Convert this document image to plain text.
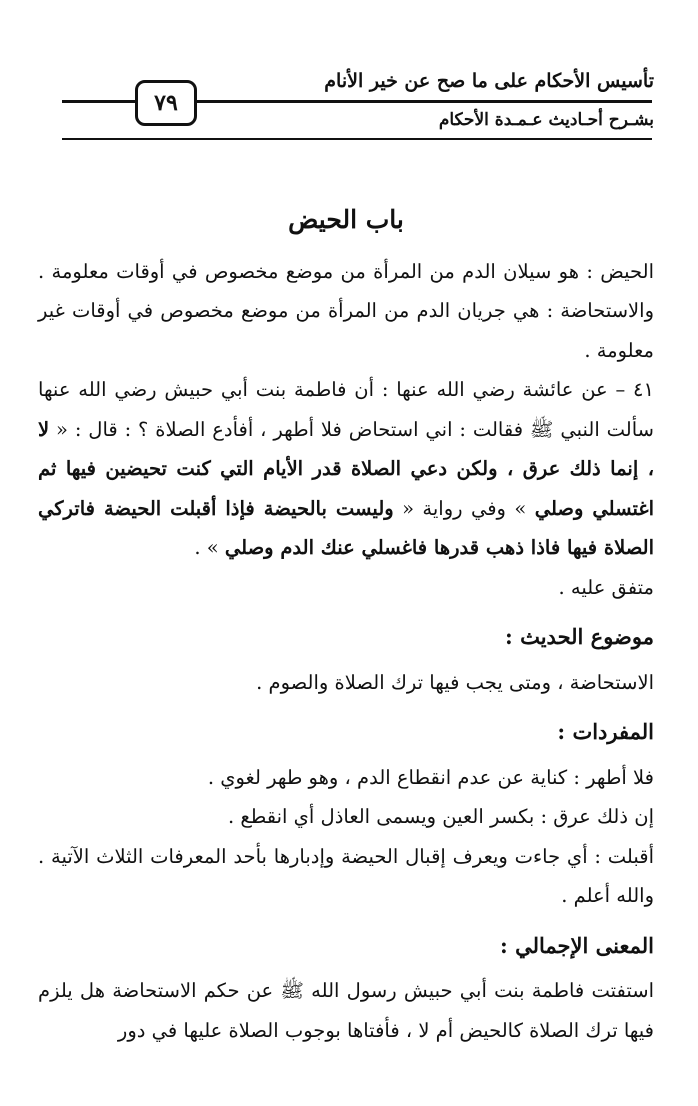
تأسيس الأحكام على ما صح عن خير الأنام
٧٩
بشـرح أحـاديث عـمـدة الأحكام
باب الحيض

الحيض : هو سيلان الدم من المرأة من موضع مخصوص في أوقات معلومة . والاستحاضة : هي جريان الدم من المرأة من موضع مخصوص في أوقات غير معلومة .

٤١ – عن عائشة رضي الله عنها : أن فاطمة بنت أبي حبيش رضي الله عنها سألت النبي ﷺ فقالت : اني استحاض فلا أطهر ، أفأدع الصلاة ؟ : قال : « لا ، إنما ذلك عرق ، ولكن دعي الصلاة قدر الأيام التي كنت تحيضين فيها ثم اغتسلي وصلي » وفي رواية « وليست بالحيضة فإذا أقبلت الحيضة فاتركي الصلاة فيها فاذا ذهب قدرها فاغسلي عنك الدم وصلي » .

متفق عليه .

موضوع الحديث :

الاستحاضة ، ومتى يجب فيها ترك الصلاة والصوم .

المفردات :

فلا أطهر : كناية عن عدم انقطاع الدم ، وهو طهر لغوي .

إن ذلك عرق : بكسر العين ويسمى العاذل أي انقطع .

أقبلت : أي جاءت ويعرف إقبال الحيضة وإدبارها بأحد المعرفات الثلاث الآتية . والله أعلم .

المعنى الإجمالي :

استفتت فاطمة بنت أبي حبيش رسول الله ﷺ عن حكم الاستحاضة هل يلزم فيها ترك الصلاة كالحيض أم لا ، فأفتاها بوجوب الصلاة عليها في دور
